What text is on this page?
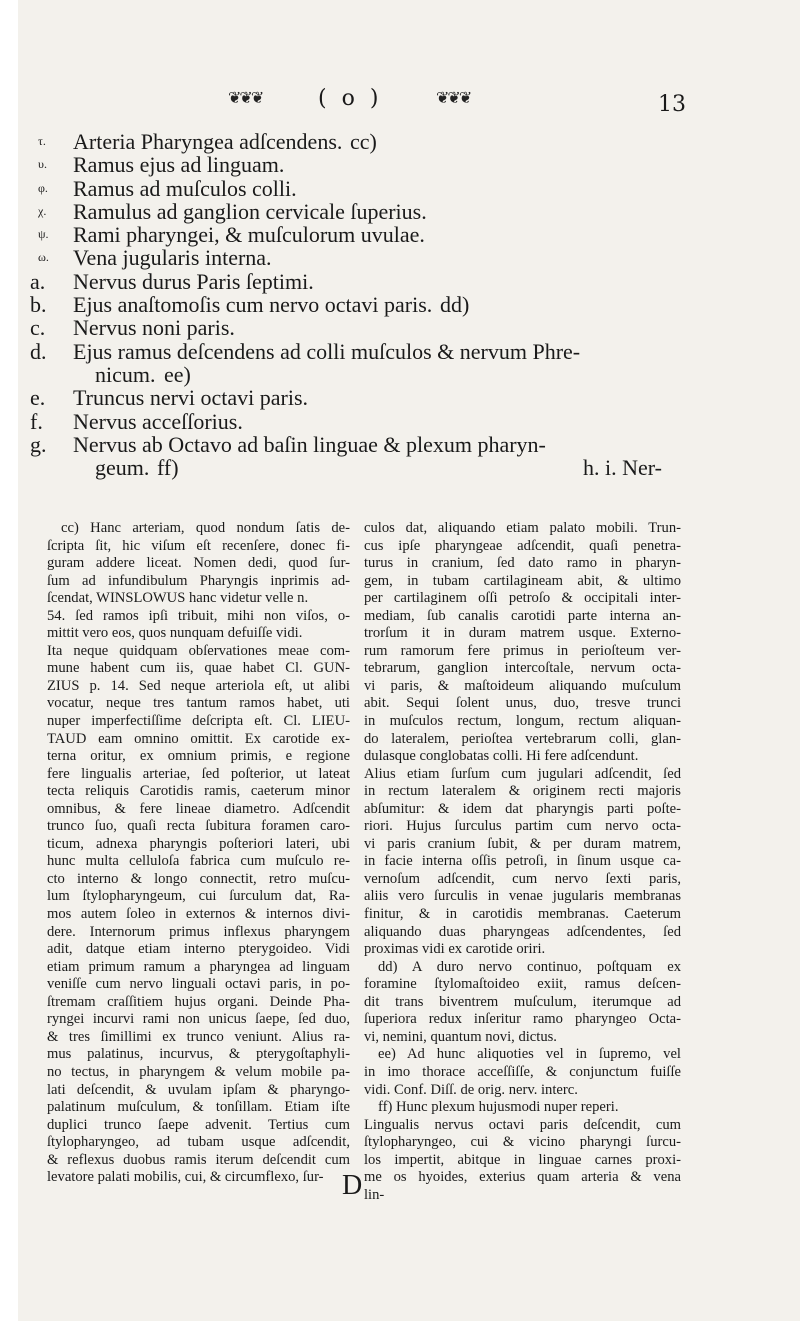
❦❦❦	( o )	❦❦❦	13
τ.	Arteria Pharyngea adſcendens. cc)
υ.	Ramus ejus ad linguam.
φ.	Ramus ad muſculos colli.
χ.	Ramulus ad ganglion cervicale ſuperius.
ψ.	Rami pharyngei, & muſculorum uvulae.
ω.	Vena jugularis interna.
a.	Nervus durus Paris ſeptimi.
b.	Ejus anaſtomoſis cum nervo octavi paris. dd)
c.	Nervus noni paris.
d.	Ejus ramus deſcendens ad colli muſculos & nervum Phre-
nicum. ee)
e.	Truncus nervi octavi paris.
f.	Nervus acceſſorius.
g.	Nervus ab Octavo ad baſin linguae & plexum pharyn-
geum. ff)	h. i. Ner-

cc) Hanc arteriam, quod nondum ſatis de-

ſcripta ſit, hic viſum eſt recenſere, donec fi-

guram addere liceat. Nomen dedi, quod ſur-

ſum ad infundibulum Pharyngis inprimis ad-

ſcendat, WINSLOWUS hanc videtur velle n.

54. ſed ramos ipſi tribuit, mihi non viſos, o-

mittit vero eos, quos nunquam defuiſſe vidi.

Ita neque quidquam obſervationes meae com-

mune habent cum iis, quae habet Cl. GUN-

ZIUS p. 14. Sed neque arteriola eſt, ut alibi

vocatur, neque tres tantum ramos habet, uti

nuper imperfectiſſime deſcripta eſt. Cl. LIEU-

TAUD eam omnino omittit. Ex carotide ex-

terna oritur, ex omnium primis, e regione

fere lingualis arteriae, ſed poſterior, ut lateat

tecta reliquis Carotidis ramis, caeterum minor

omnibus, & fere lineae diametro. Adſcendit

trunco ſuo, quaſi recta ſubitura foramen caro-

ticum, adnexa pharyngis poſteriori lateri, ubi

hunc multa celluloſa fabrica cum muſculo re-

cto interno & longo connectit, retro muſcu-

lum ſtylopharyngeum, cui ſurculum dat, Ra-

mos autem ſoleo in externos & internos divi-

dere. Internorum primus inflexus pharyngem

adit, datque etiam interno pterygoideo. Vidi

etiam primum ramum a pharyngea ad linguam

veniſſe cum nervo linguali octavi paris, in po-

ſtremam craſſitiem hujus organi. Deinde Pha-

ryngei incurvi rami non unicus ſaepe, ſed duo,

& tres ſimillimi ex trunco veniunt. Alius ra-

mus palatinus, incurvus, & pterygoſtaphyli-

no tectus, in pharyngem & velum mobile pa-

lati deſcendit, & uvulam ipſam & pharyngo-

palatinum muſculum, & tonſillam. Etiam iſte

duplici trunco ſaepe advenit. Tertius cum

ſtylopharyngeo, ad tubam usque adſcendit,

& reflexus duobus ramis iterum deſcendit cum

levatore palati mobilis, cui, & circumflexo, ſur-

culos dat, aliquando etiam palato mobili. Trun-

cus ipſe pharyngeae adſcendit, quaſi penetra-

turus in cranium, ſed dato ramo in pharyn-

gem, in tubam cartilagineam abit, & ultimo

per cartilaginem oſſi petroſo & occipitali inter-

mediam, ſub canalis carotidi parte interna an-

trorſum it in duram matrem usque. Externo-

rum ramorum fere primus in perioſteum ver-

tebrarum, ganglion intercoſtale, nervum octa-

vi paris, & maſtoideum aliquando muſculum

abit. Sequi ſolent unus, duo, tresve trunci

in muſculos rectum, longum, rectum aliquan-

do lateralem, perioſtea vertebrarum colli, glan-

dulasque conglobatas colli. Hi fere adſcendunt.

Alius etiam ſurſum cum jugulari adſcendit, ſed

in rectum lateralem & originem recti majoris

abſumitur: & idem dat pharyngis parti poſte-

riori. Hujus ſurculus partim cum nervo octa-

vi paris cranium ſubit, & per duram matrem,

in facie interna oſſis petroſi, in ſinum usque ca-

vernoſum adſcendit, cum nervo ſexti paris,

aliis vero ſurculis in venae jugularis membranas

finitur, & in carotidis membranas. Caeterum

aliquando duas pharyngeas adſcendentes, ſed

proximas vidi ex carotide oriri.

dd) A duro nervo continuo, poſtquam ex

foramine ſtylomaſtoideo exiit, ramus deſcen-

dit trans biventrem muſculum, iterumque ad

ſuperiora redux inſeritur ramo pharyngeo Octa-

vi, nemini, quantum novi, dictus.

ee) Ad hunc aliquoties vel in ſupremo, vel

in imo thorace acceſſiſſe, & conjunctum fuiſſe

vidi. Conf. Diſſ. de orig. nerv. interc.

ff) Hunc plexum hujusmodi nuper reperi.

Lingualis nervus octavi paris deſcendit, cum

ſtylopharyngeo, cui & vicino pharyngi ſurcu-

los impertit, abitque in linguae carnes proxi-

me os hyoides, exterius quam arteria & vena

lin-

D
